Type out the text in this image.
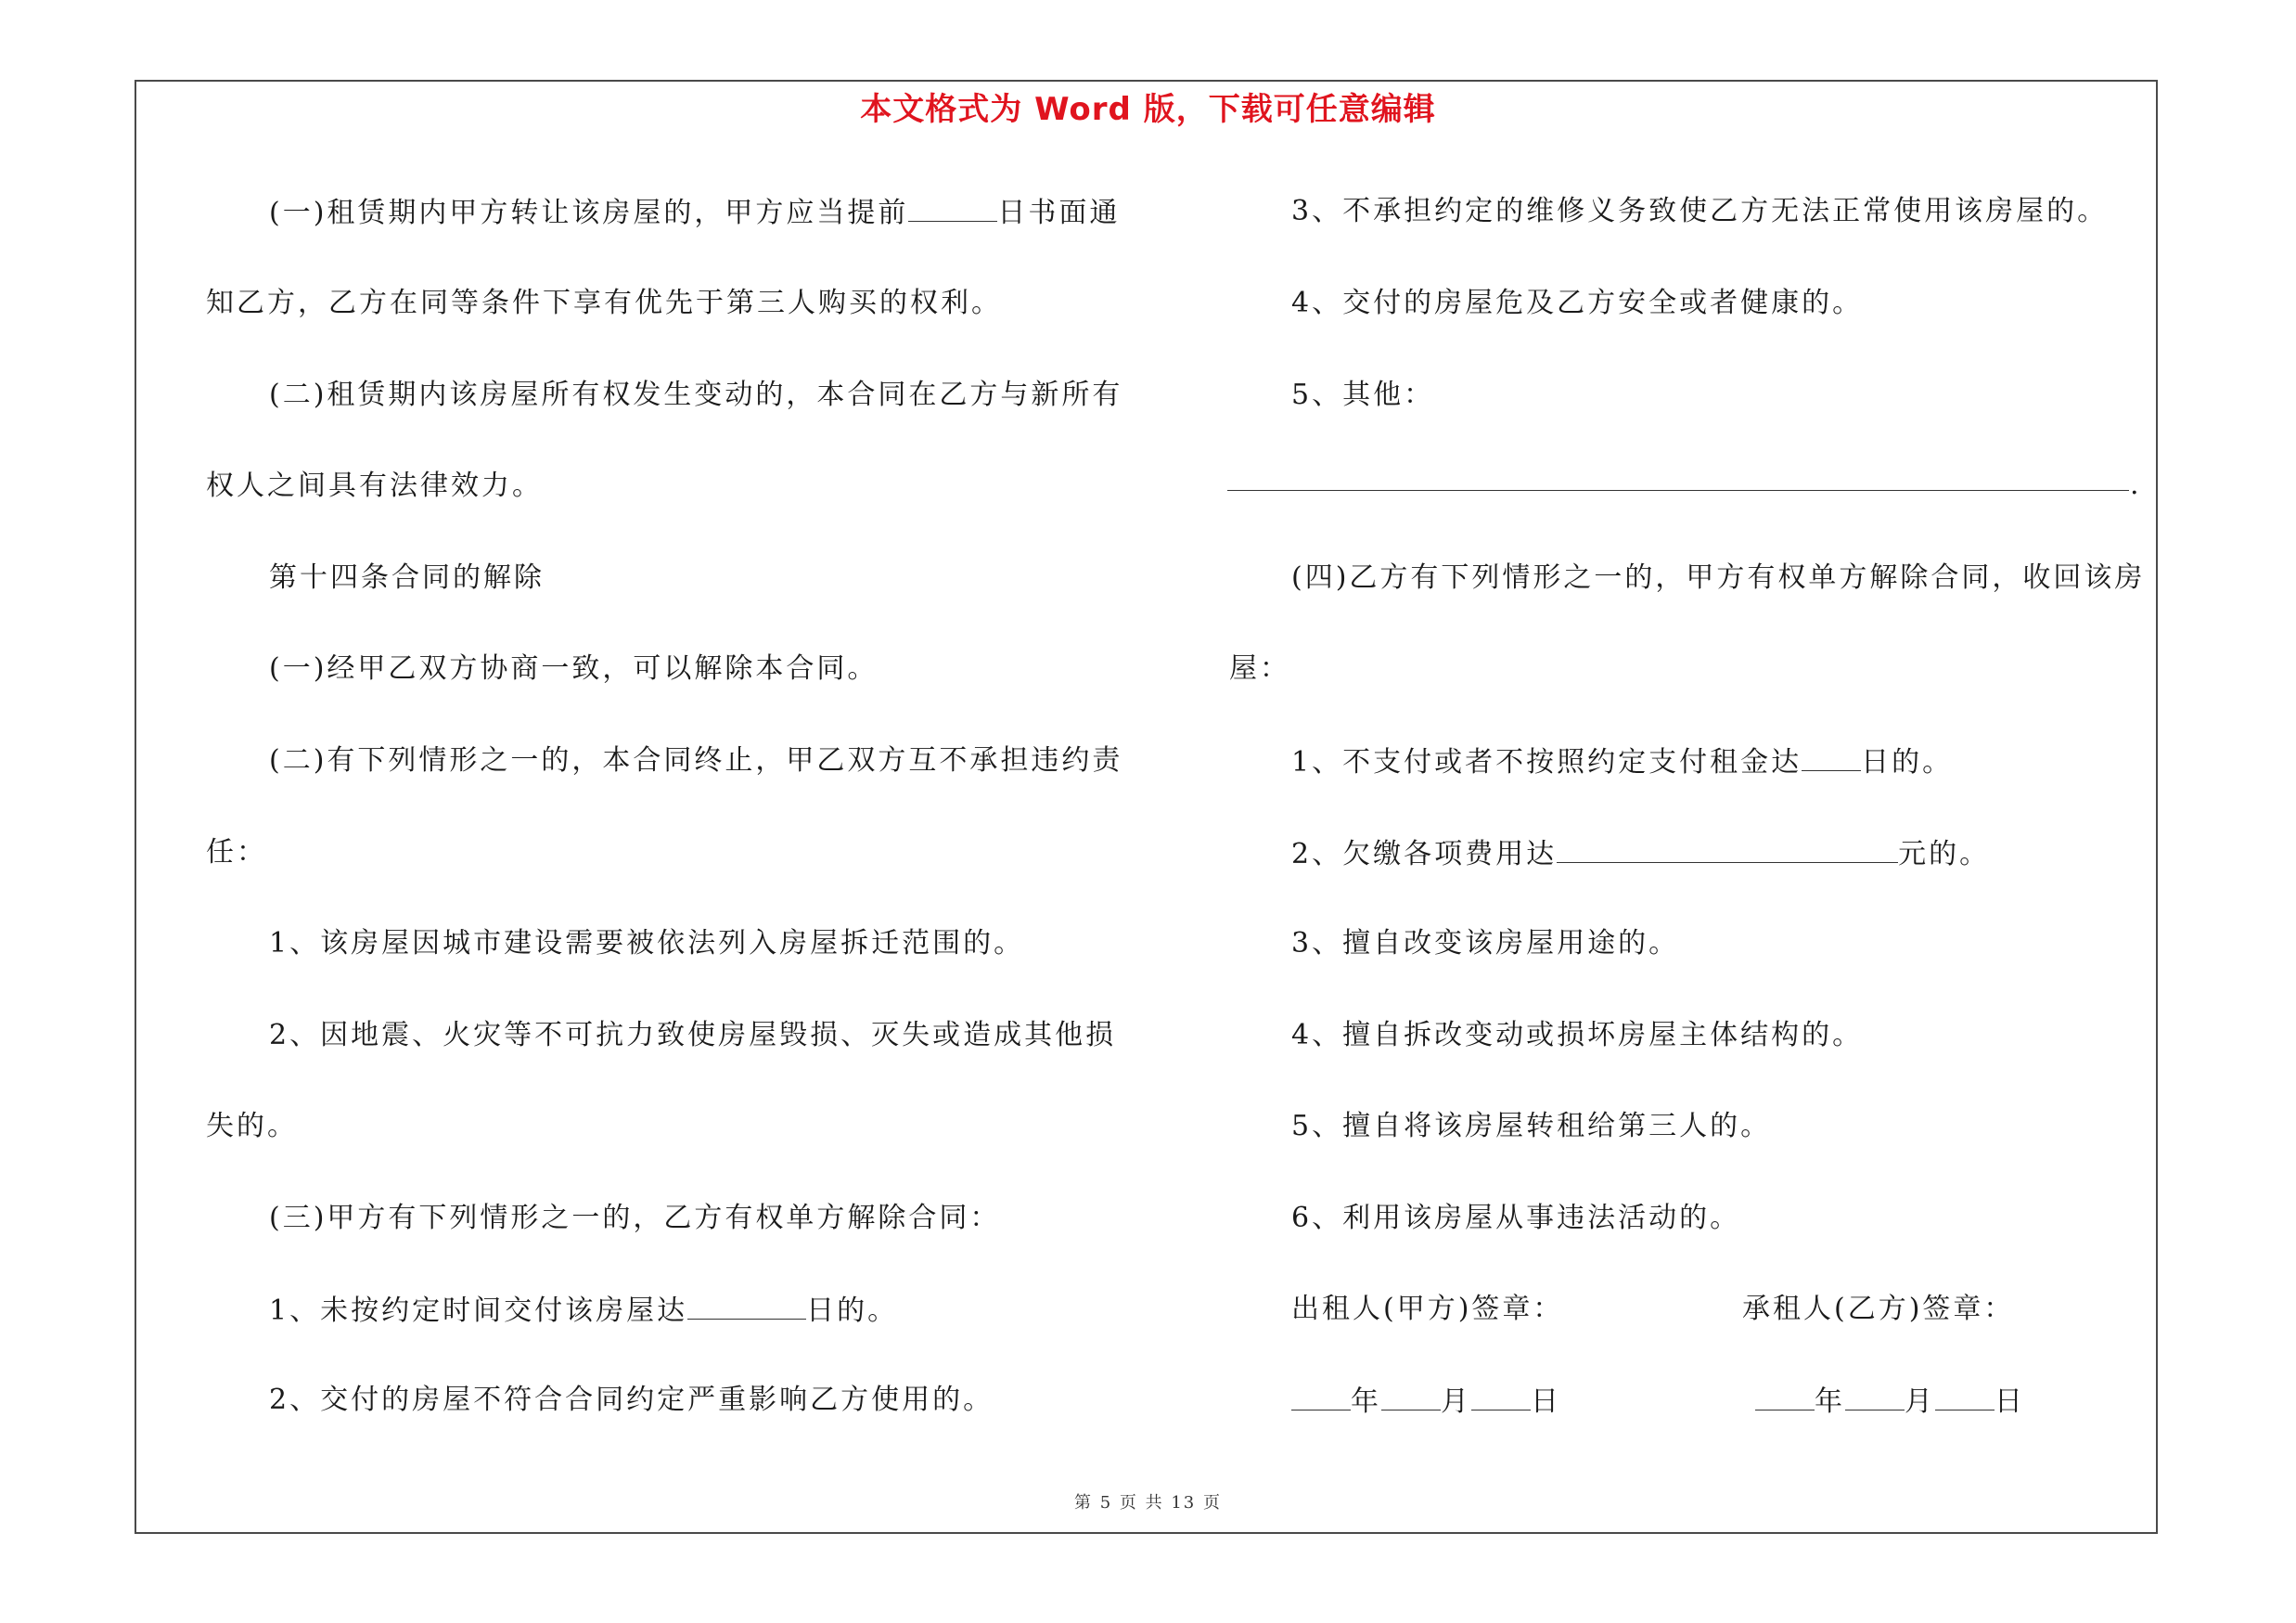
本文格式为 Word 版，下载可任意编辑
(一)租赁期内甲方转让该房屋的，甲方应当提前	日书面通
知乙方，乙方在同等条件下享有优先于第三人购买的权利。
(二)租赁期内该房屋所有权发生变动的，本合同在乙方与新所有
权人之间具有法律效力。
第十四条合同的解除
(一)经甲乙双方协商一致，可以解除本合同。
(二)有下列情形之一的，本合同终止，甲乙双方互不承担违约责
任：
1、该房屋因城市建设需要被依法列入房屋拆迁范围的。
2、因地震、火灾等不可抗力致使房屋毁损、灭失或造成其他损
失的。
(三)甲方有下列情形之一的，乙方有权单方解除合同：
1、未按约定时间交付该房屋达	日的。
2、交付的房屋不符合合同约定严重影响乙方使用的。
3、不承担约定的维修义务致使乙方无法正常使用该房屋的。
4、交付的房屋危及乙方安全或者健康的。
5、其他：
.
(四)乙方有下列情形之一的，甲方有权单方解除合同，收回该房
屋：
1、不支付或者不按照约定支付租金达 日的。
2、欠缴各项费用达	元的。
3、擅自改变该房屋用途的。
4、擅自拆改变动或损坏房屋主体结构的。
5、擅自将该房屋转租给第三人的。
6、利用该房屋从事违法活动的。
出租人(甲方)签章：	承租人(乙方)签章：
年 月 日	年 月 日
第 5 页 共 13 页
